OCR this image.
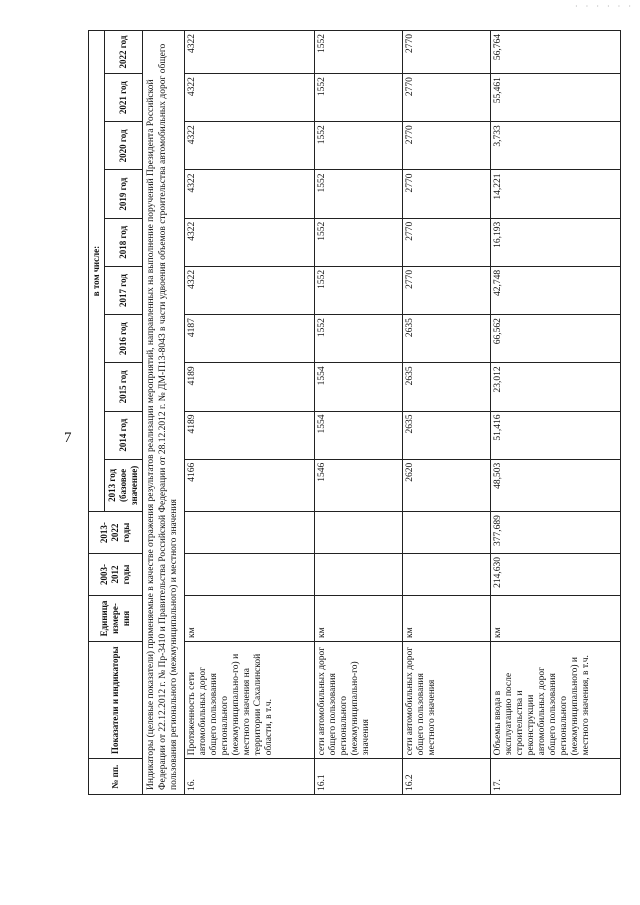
· · · · · ·
7
№ пп.	Показатели и индикаторы	Единица измере-ния	2003-2012 годы	2013-2022 годы	в том числе:									
					2013 год (базовое значение)	2014 год	2015 год	2016 год	2017 год	2018 год	2019 год	2020 год	2021 год	2022 год
Индикаторы (целевые показатели) применяемые в качестве отражения результатов реализации мероприятий, направленных на выполнение поручений Президента Российской Федерации от 22.12.2012 г. № Пр-3410 и Правительства Российской Федерации от 28.12.2012 г. № ДМ-П13-8043 в части удвоения объемов строительства автомобильных дорог общего пользования регионального (межмуниципального) и местного значения														
16.	Протяженность сети автомобильных дорог общего пользования регионального (межмуниципально-го) и местного значения на территории Сахалинской области, в т.ч.	км			4166	4189	4189	4187	4322	4322	4322	4322	4322	4322
16.1	сети автомобильных дорог общего пользования регионального (межмуниципально-го) значения	км			1546	1554	1554	1552	1552	1552	1552	1552	1552	1552
16.2	сети автомобильных дорог общего пользования местного значения	км			2620	2635	2635	2635	2770	2770	2770	2770	2770	2770
17.	Объемы ввода в эксплуатацию после строительства и реконструкции автомобильных дорог общего пользования регионального (межмуниципального) и местного значения, в т.ч.	км	214,630	377,689	48,503	51,416	23,012	66,562	42,748	16,193	14,221	3,733	55,461	56,764
